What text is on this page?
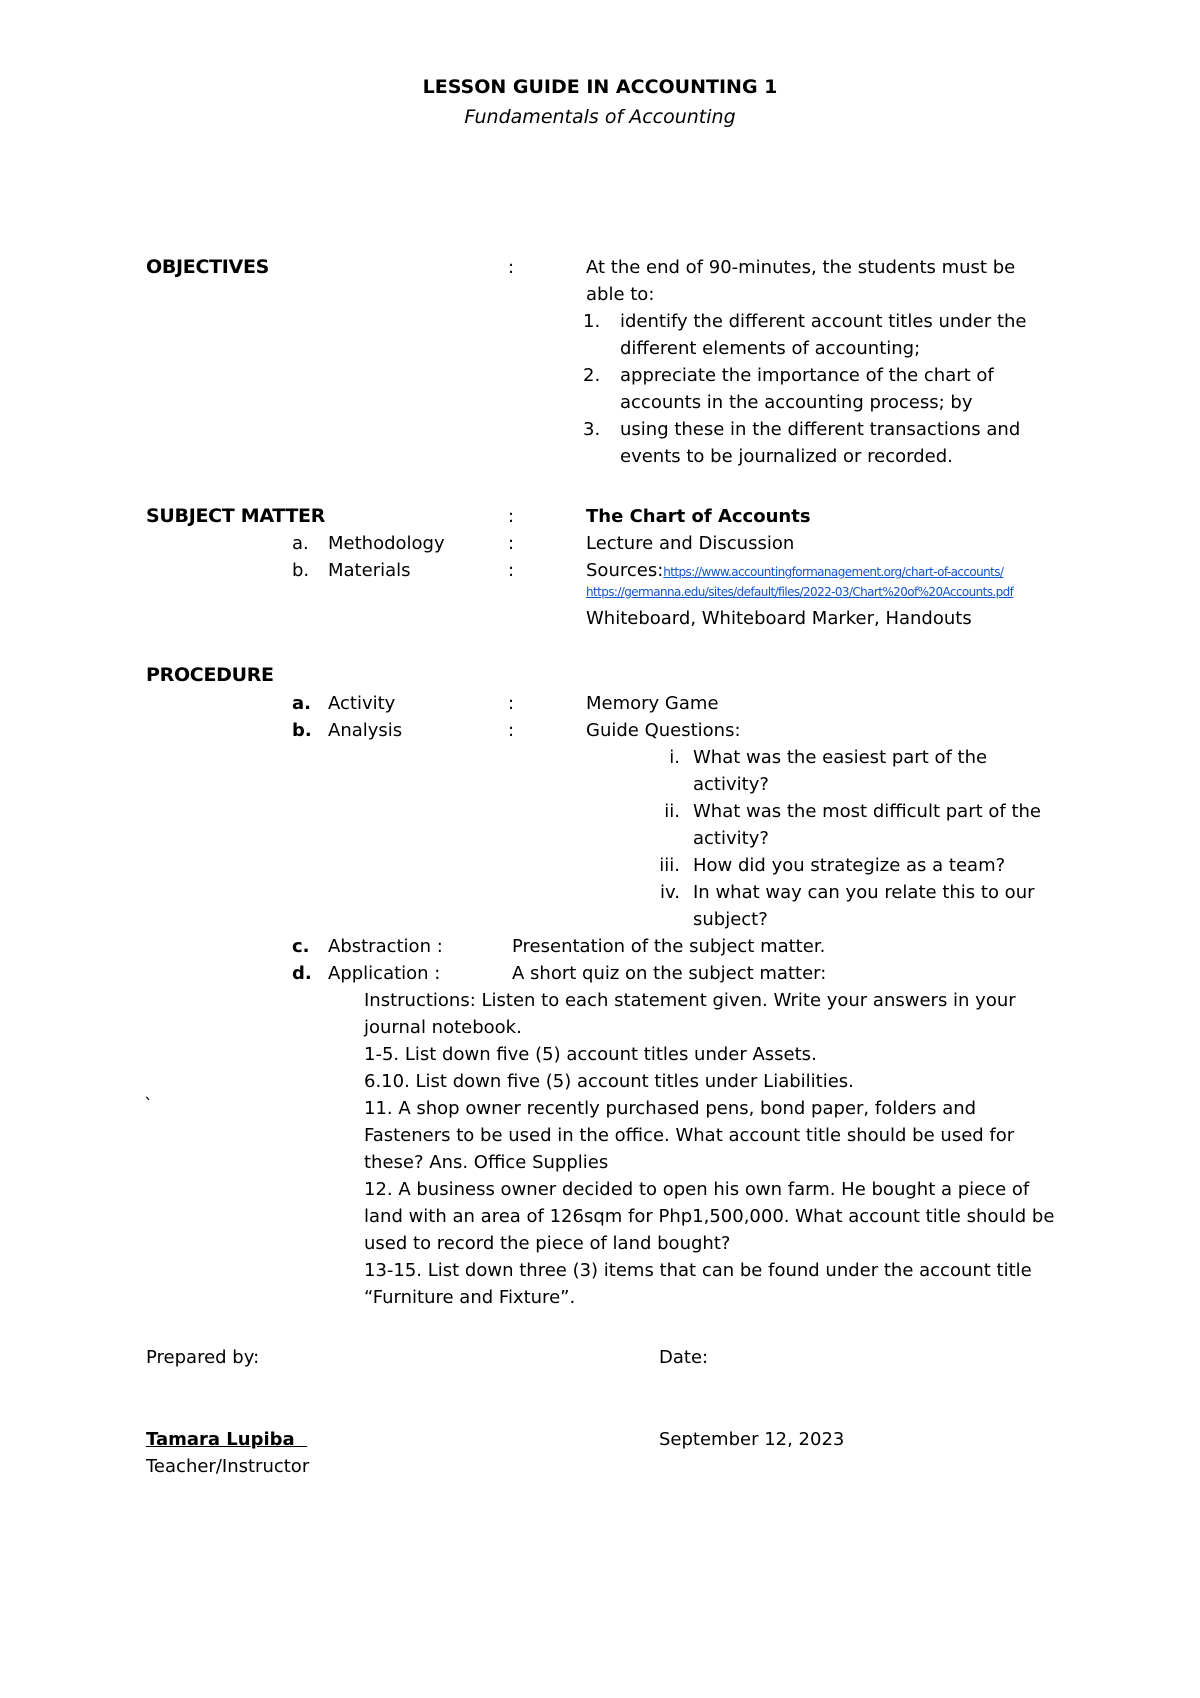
LESSON GUIDE IN ACCOUNTING 1
Fundamentals of Accounting
OBJECTIVES	:	At the end of 90-minutes, the students must be
able to:
1. identify the different account titles under the
different elements of accounting;
2. appreciate the importance of the chart of
accounts in the accounting process; by
3. using these in the different transactions and
events to be journalized or recorded.
SUBJECT MATTER	:	The Chart of Accounts
a. Methodology	:	Lecture and Discussion
b. Materials	:	Sources:https://www.accountingformanagement.org/chart-of-accounts/
https://germanna.edu/sites/default/files/2022-03/Chart%20of%20Accounts.pdf
Whiteboard, Whiteboard Marker, Handouts
PROCEDURE
a. Activity	:	Memory Game
b. Analysis	:	Guide Questions:
i. What was the easiest part of the
activity?
ii. What was the most difficult part of the
activity?
iii. How did you strategize as a team?
iv. In what way can you relate this to our
subject?
c. Abstraction :	Presentation of the subject matter.
d. Application :	A short quiz on the subject matter:
Instructions: Listen to each statement given. Write your answers in your
journal notebook.
1-5. List down five (5) account titles under Assets.
6.10. List down five (5) account titles under Liabilities.
`	11. A shop owner recently purchased pens, bond paper, folders and
Fasteners to be used in the office. What account title should be used for
these? Ans. Office Supplies
12. A business owner decided to open his own farm. He bought a piece of
land with an area of 126sqm for Php1,500,000. What account title should be
used to record the piece of land bought?
13-15. List down three (3) items that can be found under the account title
“Furniture and Fixture”.
Prepared by:	Date:
Tamara Lupiba	September 12, 2023
Teacher/Instructor
